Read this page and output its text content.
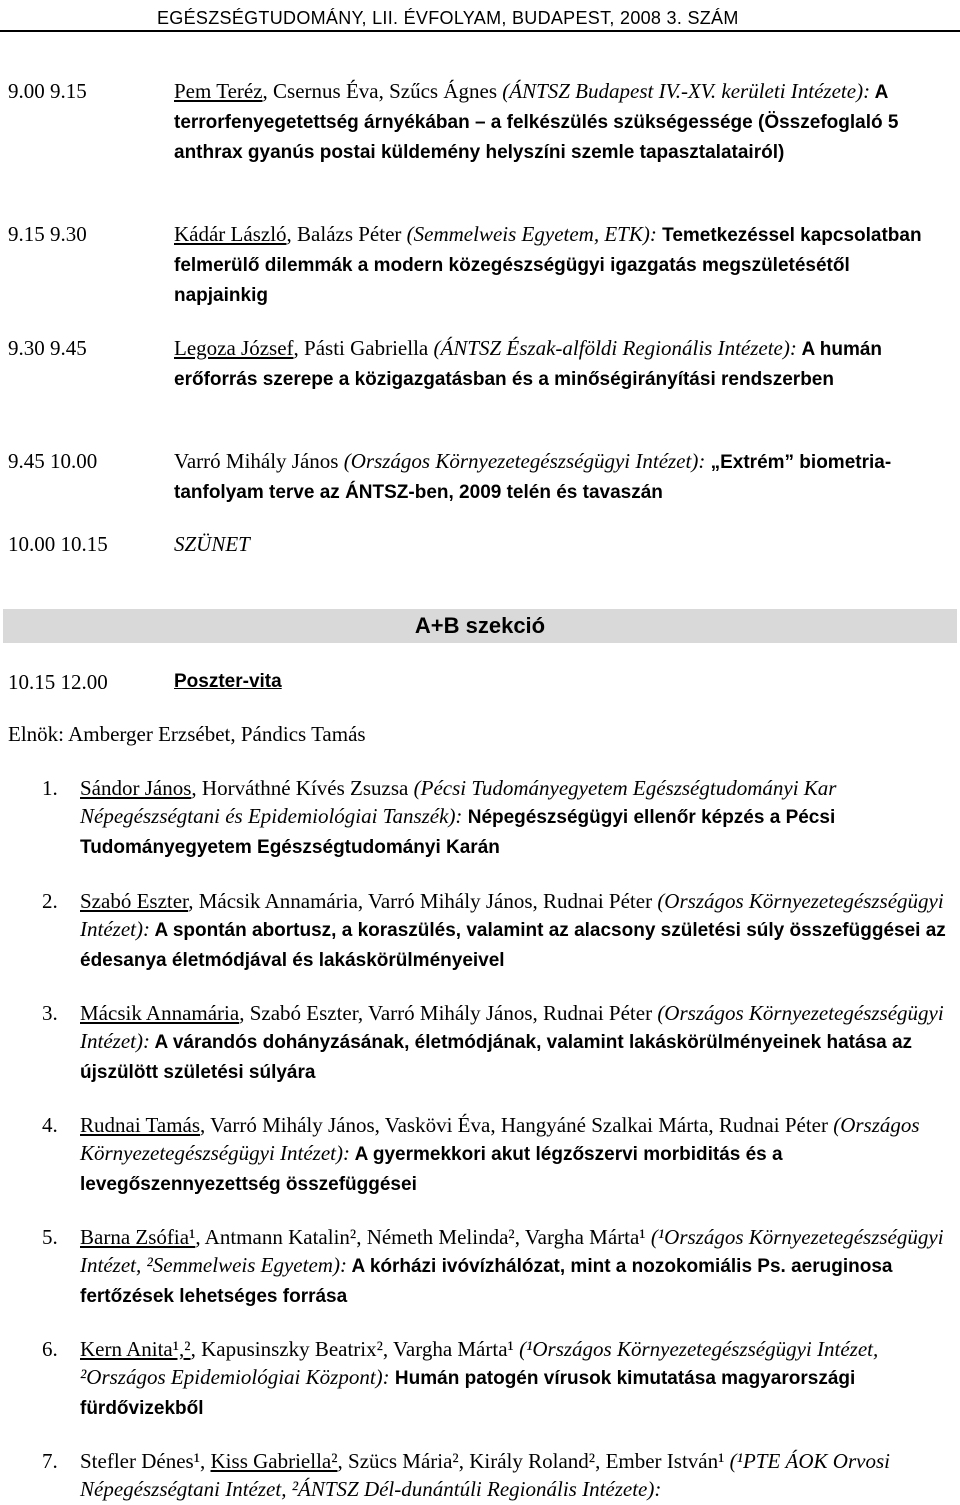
EGÉSZSÉGTUDOMÁNY, LII. ÉVFOLYAM, BUDAPEST, 2008 3. SZÁM
9.00 9.15	Pem Teréz, Csernus Éva, Szűcs Ágnes (ÁNTSZ Budapest IV.-XV. kerületi Intézete): A terrorfenyegetettség árnyékában – a felkészülés szükségessége (Összefoglaló 5 anthrax gyanús postai küldemény helyszíni szemle tapasztalatairól)
9.15 9.30	Kádár László, Balázs Péter (Semmelweis Egyetem, ETK): Temetkezéssel kapcsolatban felmerülő dilemmák a modern közegészségügyi igazgatás megszületésétől napjainkig
9.30 9.45	Legoza József, Pásti Gabriella (ÁNTSZ Észak-alföldi Regionális Intézete): A humán erőforrás szerepe a közigazgatásban és a minőségirányítási rendszerben
9.45 10.00	Varró Mihály János (Országos Környezetegészségügyi Intézet): „Extrém” biometria-tanfolyam terve az ÁNTSZ-ben, 2009 telén és tavaszán
10.00 10.15	SZÜNET
A+B szekció
10.15 12.00	Poszter-vita
Elnök: Amberger Erzsébet, Pándics Tamás
1. Sándor János, Horváthné Kívés Zsuzsa (Pécsi Tudományegyetem Egészségtudományi Kar Népegészségtani és Epidemiológiai Tanszék): Népegészségügyi ellenőr képzés a Pécsi Tudományegyetem Egészségtudományi Karán
2. Szabó Eszter, Mácsik Annamária, Varró Mihály János, Rudnai Péter (Országos Környezetegészségügyi Intézet): A spontán abortusz, a koraszülés, valamint az alacsony születési súly összefüggései az édesanya életmódjával és lakáskörülményeivel
3. Mácsik Annamária, Szabó Eszter, Varró Mihály János, Rudnai Péter (Országos Környezetegészségügyi Intézet): A várandós dohányzásának, életmódjának, valamint lakáskörülményeinek hatása az újszülött születési súlyára
4. Rudnai Tamás, Varró Mihály János, Vaskövi Éva, Hangyáné Szalkai Márta, Rudnai Péter (Országos Környezetegészségügyi Intézet): A gyermekkori akut légzőszervi morbiditás és a levegőszennyezettség összefüggései
5. Barna Zsófia¹, Antmann Katalin², Németh Melinda², Vargha Márta¹ (¹Országos Környezetegészségügyi Intézet, ²Semmelweis Egyetem): A kórházi ivóvízhálózat, mint a nozokomiális Ps. aeruginosa fertőzések lehetséges forrása
6. Kern Anita¹,², Kapusinszky Beatrix², Vargha Márta¹ (¹Országos Környezetegészségügyi Intézet, ²Országos Epidemiológiai Központ): Humán patogén vírusok kimutatása magyarországi fürdővizekből
7. Stefler Dénes¹, Kiss Gabriella², Szücs Mária², Király Roland², Ember István¹ (¹PTE ÁOK Orvosi Népegészségtani Intézet, ²ÁNTSZ Dél-dunántúli Regionális Intézete):
